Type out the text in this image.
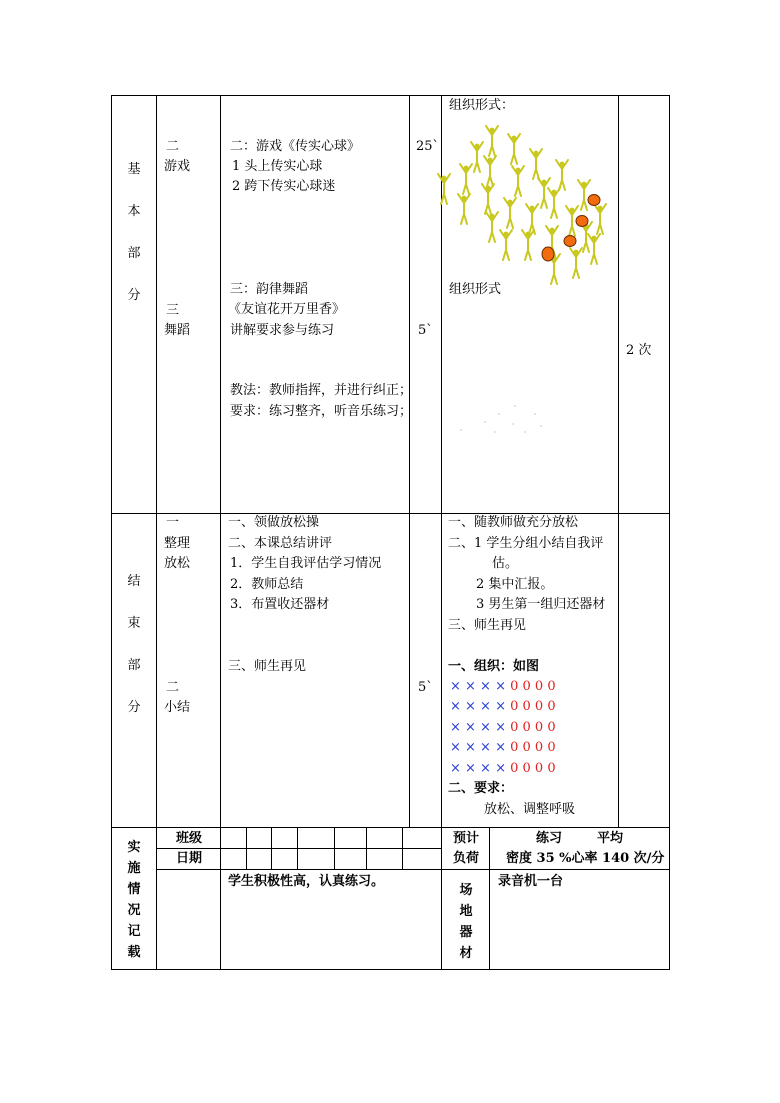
基
本
部
分
二
游戏
三
舞蹈
二：游戏《传实心球》
1 头上传实心球
2 跨下传实心球迷
三：韵律舞蹈
《友谊花开万里香》
讲解要求参与练习
教法：教师指挥，并进行纠正；
要求：练习整齐，听音乐练习；
25`
5`
组织形式：
组织形式
2 次
结
束
部
分
一
整理
放松
二
小结
一、领做放松操
二、本课总结讲评
1．学生自我评估学习情况
2．教师总结
3．布置收还器材
三、师生再见
5`
一、随教师做充分放松
二、1 学生分组小结自我评
估。
2 集中汇报。
3 男生第一组归还器材
三、师生再见
一、组织：如图
× × × × 0 0 0 0
× × × × 0 0 0 0
× × × × 0 0 0 0
× × × × 0 0 0 0
× × × × 0 0 0 0
二、要求：
放松、调整呼吸
实
施
情
况
记
载
班级
日期
预计
负荷
练习	平均
密度 35 %心率 140 次/分
学生积极性高，认真练习。
场
地
器
材
录音机一台
